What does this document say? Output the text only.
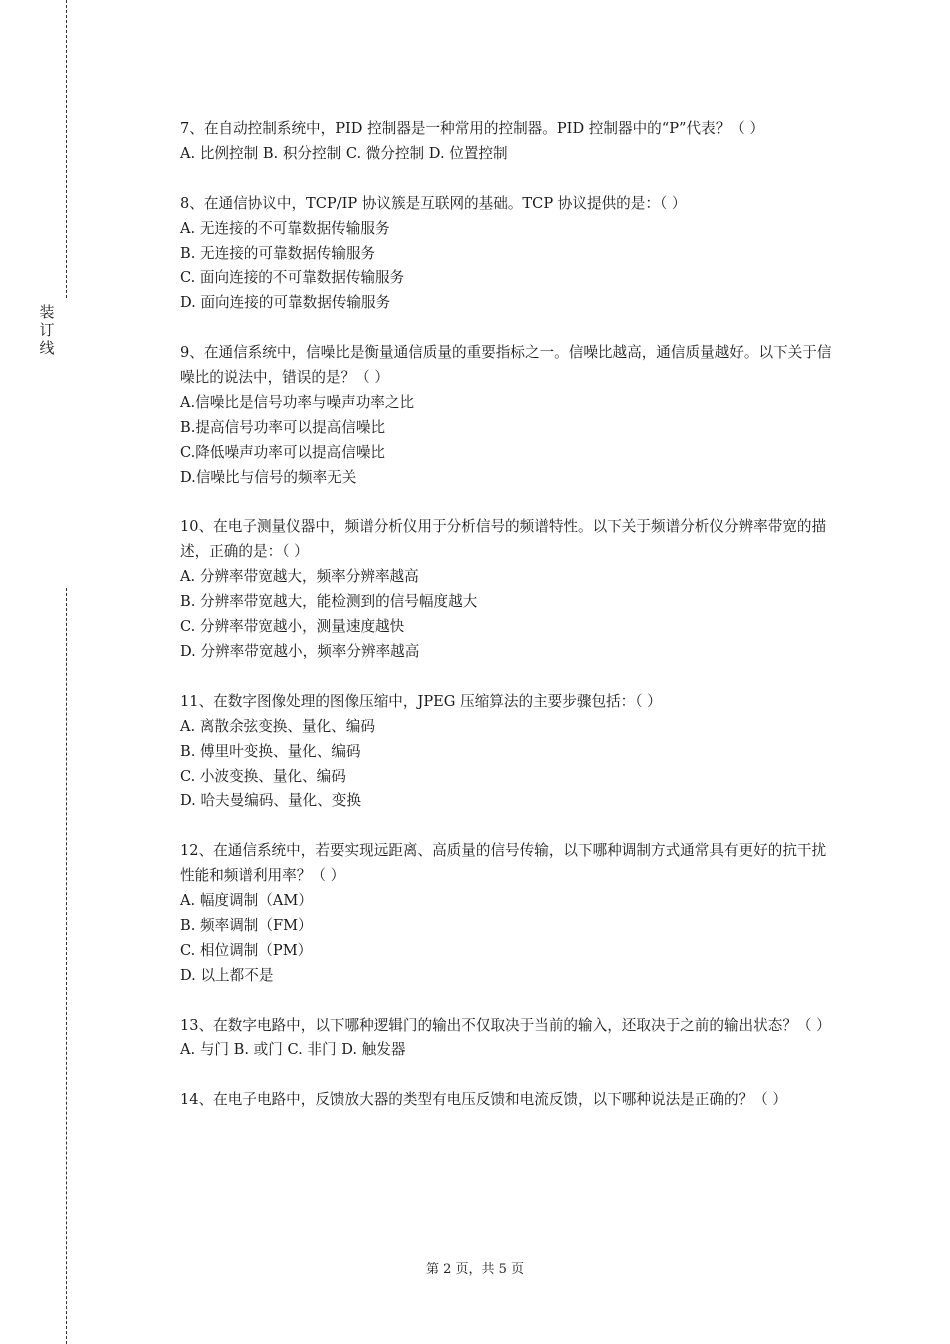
装
订
线

7、在自动控制系统中，PID 控制器是一种常用的控制器。PID 控制器中的“P”代表？（ ）

A. 比例控制 B. 积分控制 C. 微分控制 D. 位置控制

8、在通信协议中，TCP/IP 协议簇是互联网的基础。TCP 协议提供的是：（ ）

A. 无连接的不可靠数据传输服务

B. 无连接的可靠数据传输服务

C. 面向连接的不可靠数据传输服务

D. 面向连接的可靠数据传输服务

9、在通信系统中，信噪比是衡量通信质量的重要指标之一。信噪比越高，通信质量越好。以下关于信噪比的说法中，错误的是？（ ）

A.信噪比是信号功率与噪声功率之比

B.提高信号功率可以提高信噪比

C.降低噪声功率可以提高信噪比

D.信噪比与信号的频率无关

10、在电子测量仪器中，频谱分析仪用于分析信号的频谱特性。以下关于频谱分析仪分辨率带宽的描述，正确的是：（ ）

A. 分辨率带宽越大，频率分辨率越高

B. 分辨率带宽越大，能检测到的信号幅度越大

C. 分辨率带宽越小，测量速度越快

D. 分辨率带宽越小，频率分辨率越高

11、在数字图像处理的图像压缩中，JPEG 压缩算法的主要步骤包括：（ ）

A. 离散余弦变换、量化、编码

B. 傅里叶变换、量化、编码

C. 小波变换、量化、编码

D. 哈夫曼编码、量化、变换

12、在通信系统中，若要实现远距离、高质量的信号传输，以下哪种调制方式通常具有更好的抗干扰性能和频谱利用率？（ ）

A. 幅度调制（AM）

B. 频率调制（FM）

C. 相位调制（PM）

D. 以上都不是

13、在数字电路中，以下哪种逻辑门的输出不仅取决于当前的输入，还取决于之前的输出状态？（ ）

A. 与门 B. 或门 C. 非门 D. 触发器

14、在电子电路中，反馈放大器的类型有电压反馈和电流反馈，以下哪种说法是正确的？（ ）

第 2 页，共 5 页
